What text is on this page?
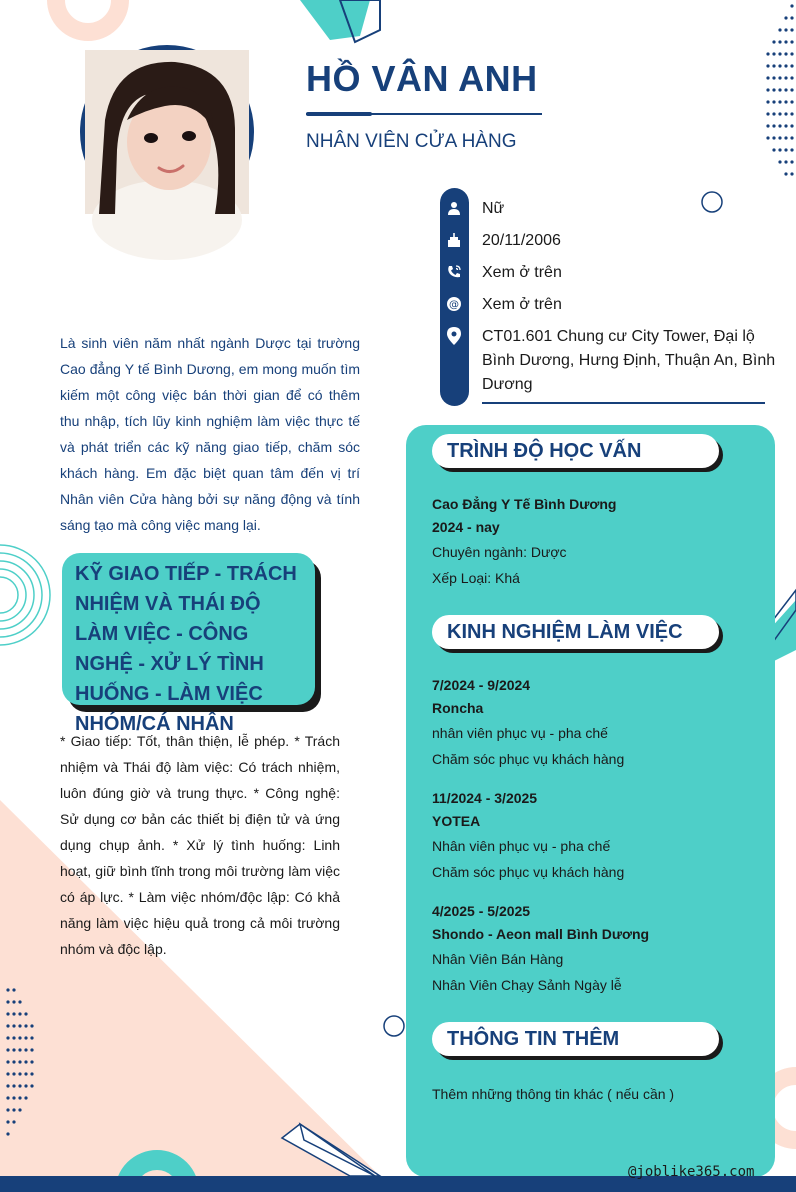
HỒ VÂN ANH
NHÂN VIÊN CỬA HÀNG
@
Nữ
20/11/2006
Xem ở trên
Xem ở trên
CT01.601 Chung cư City Tower, Đại lộ
Bình Dương, Hưng Định, Thuận An, Bình
Dương
Là sinh viên năm nhất ngành Dược tại trường Cao đẳng Y tế Bình Dương, em mong muốn tìm kiếm một công việc bán thời gian để có thêm thu nhập, tích lũy kinh nghiệm làm việc thực tế và phát triển các kỹ năng giao tiếp, chăm sóc khách hàng. Em đặc biệt quan tâm đến vị trí Nhân viên Cửa hàng bởi sự năng động và tính sáng tạo mà công việc mang lại.
KỸ GIAO TIẾP - TRÁCH NHIỆM VÀ THÁI ĐỘ LÀM VIỆC - CÔNG NGHỆ - XỬ LÝ TÌNH HUỐNG - LÀM VIỆC NHÓM/CÁ NHÂN
* Giao tiếp: Tốt, thân thiện, lễ phép. * Trách nhiệm và Thái độ làm việc: Có trách nhiệm, luôn đúng giờ và trung thực. * Công nghệ: Sử dụng cơ bản các thiết bị điện tử và ứng dụng chụp ảnh. * Xử lý tình huống: Linh hoạt, giữ bình tĩnh trong môi trường làm việc có áp lực. * Làm việc nhóm/độc lập: Có khả năng làm việc hiệu quả trong cả môi trường nhóm và độc lập.
TRÌNH ĐỘ HỌC VẤN
Cao Đẳng Y Tế Bình Dương
2024 - nay
Chuyên ngành: Dược
Xếp Loại: Khá
KINH NGHIỆM LÀM VIỆC
7/2024 - 9/2024
Roncha
nhân viên phục vụ - pha chế
Chăm sóc phục vụ khách hàng
11/2024 - 3/2025
YOTEA
Nhân viên phục vụ - pha chế
Chăm sóc phục vụ khách hàng
4/2025 - 5/2025
Shondo - Aeon mall Bình Dương
Nhân Viên Bán Hàng
Nhân Viên Chạy Sảnh Ngày lễ
THÔNG TIN THÊM
Thêm những thông tin khác ( nếu cần )
@joblike365.com
